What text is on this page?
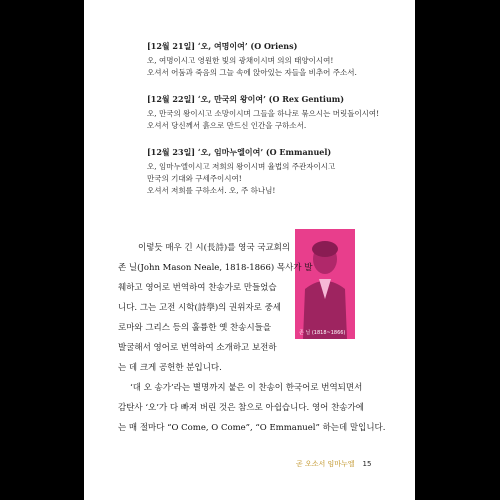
[12월 21일] ‘오, 여명이여’ (O Oriens)
오, 여명이시고 영원한 빛의 광채이시며 의의 태양이시여!
오셔서 어둠과 죽음의 그늘 속에 앉아있는 자들을 비추어 주소서.
[12월 22일] ‘오, 만국의 왕이여’ (O Rex Gentium)
오, 만국의 왕이시고 소망이시며 그들을 하나로 묶으시는 머릿돌이시여!
오셔서 당신께서 흙으로 만드신 인간을 구하소서.
[12월 23일] ‘오, 임마누엘이여’ (O Emmanuel)
오, 임마누엘이시고 저희의 왕이시며 율법의 주관자이시고
만국의 기대와 구세주이시여!
오셔서 저희를 구하소서. 오, 주 하나님!
존 닐 (1818~1866)
이렇듯 매우 긴 시(長詩)를 영국 국교회의
존 닐(John Mason Neale, 1818-1866) 목사가 발
췌하고 영어로 번역하여 찬송가로 만들었습
니다. 그는 고전 시학(詩學)의 권위자로 중세
로마와 그리스 등의 훌륭한 옛 찬송시들을
발굴해서 영어로 번역하여 소개하고 보전하
는 데 크게 공헌한 분입니다.
‘대 오 송가’라는 별명까지 붙은 이 찬송이 한국어로 번역되면서
감탄사 ‘오’가 다 빠져 버린 것은 참으로 아쉽습니다. 영어 찬송가에
는 매 절마다 “O Come, O Come”, “O Emmanuel” 하는데 말입니다.
곧 오소서 임마누엘 15
